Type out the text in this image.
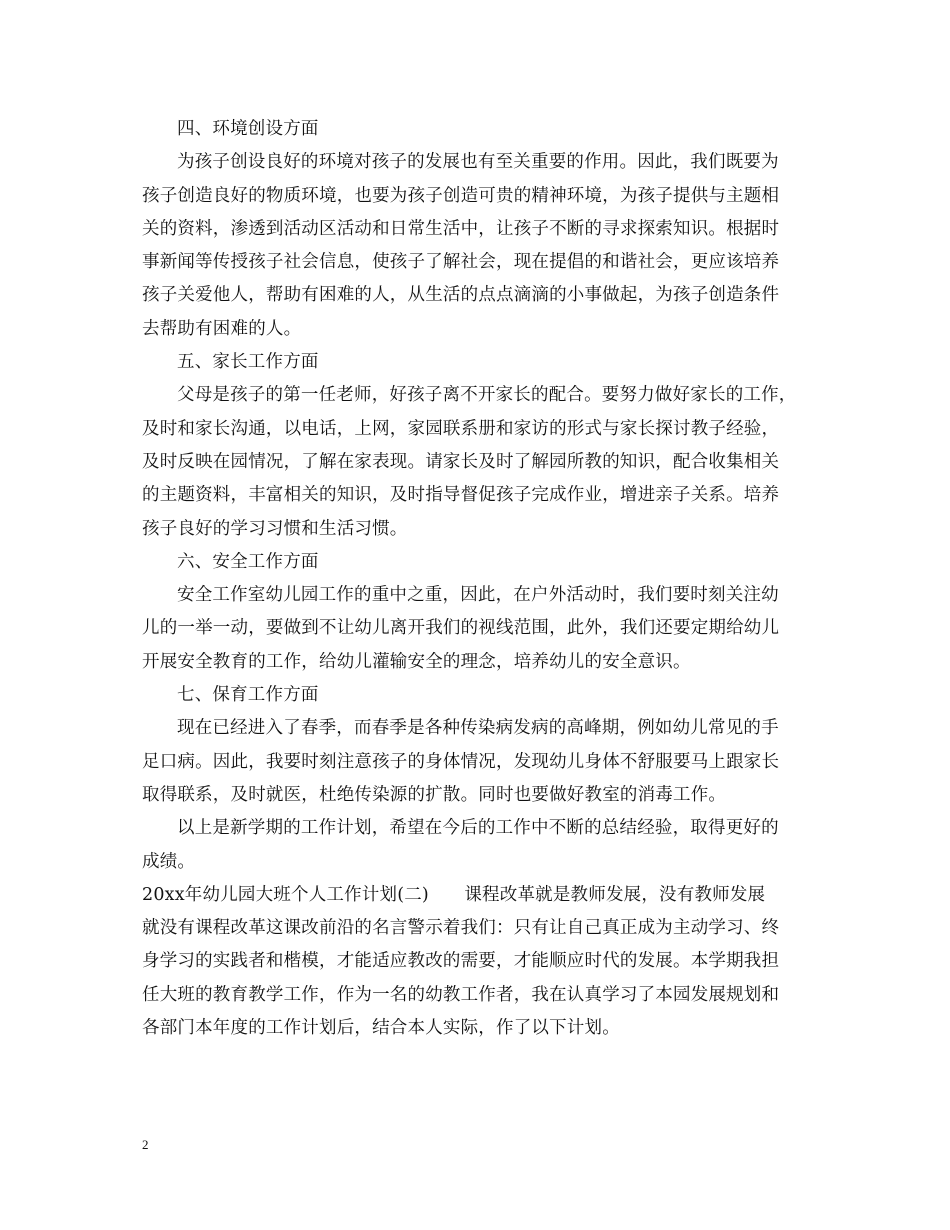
四、环境创设方面
为孩子创设良好的环境对孩子的发展也有至关重要的作用。因此，我们既要为
孩子创造良好的物质环境，也要为孩子创造可贵的精神环境，为孩子提供与主题相
关的资料，渗透到活动区活动和日常生活中，让孩子不断的寻求探索知识。根据时
事新闻等传授孩子社会信息，使孩子了解社会，现在提倡的和谐社会，更应该培养
孩子关爱他人，帮助有困难的人，从生活的点点滴滴的小事做起，为孩子创造条件
去帮助有困难的人。
五、家长工作方面
父母是孩子的第一任老师，好孩子离不开家长的配合。要努力做好家长的工作，
及时和家长沟通，以电话，上网，家园联系册和家访的形式与家长探讨教子经验，
及时反映在园情况，了解在家表现。请家长及时了解园所教的知识，配合收集相关
的主题资料，丰富相关的知识，及时指导督促孩子完成作业，增进亲子关系。培养
孩子良好的学习习惯和生活习惯。
六、安全工作方面
安全工作室幼儿园工作的重中之重，因此，在户外活动时，我们要时刻关注幼
儿的一举一动，要做到不让幼儿离开我们的视线范围，此外，我们还要定期给幼儿
开展安全教育的工作，给幼儿灌输安全的理念，培养幼儿的安全意识。
七、保育工作方面
现在已经进入了春季，而春季是各种传染病发病的高峰期，例如幼儿常见的手
足口病。因此，我要时刻注意孩子的身体情况，发现幼儿身体不舒服要马上跟家长
取得联系，及时就医，杜绝传染源的扩散。同时也要做好教室的消毒工作。
以上是新学期的工作计划，希望在今后的工作中不断的总结经验，取得更好的
成绩。
20xx年幼儿园大班个人工作计划(二)　　课程改革就是教师发展，没有教师发展
就没有课程改革这课改前沿的名言警示着我们：只有让自己真正成为主动学习、终
身学习的实践者和楷模，才能适应教改的需要，才能顺应时代的发展。本学期我担
任大班的教育教学工作，作为一名的幼教工作者，我在认真学习了本园发展规划和
各部门本年度的工作计划后，结合本人实际，作了以下计划。
2
